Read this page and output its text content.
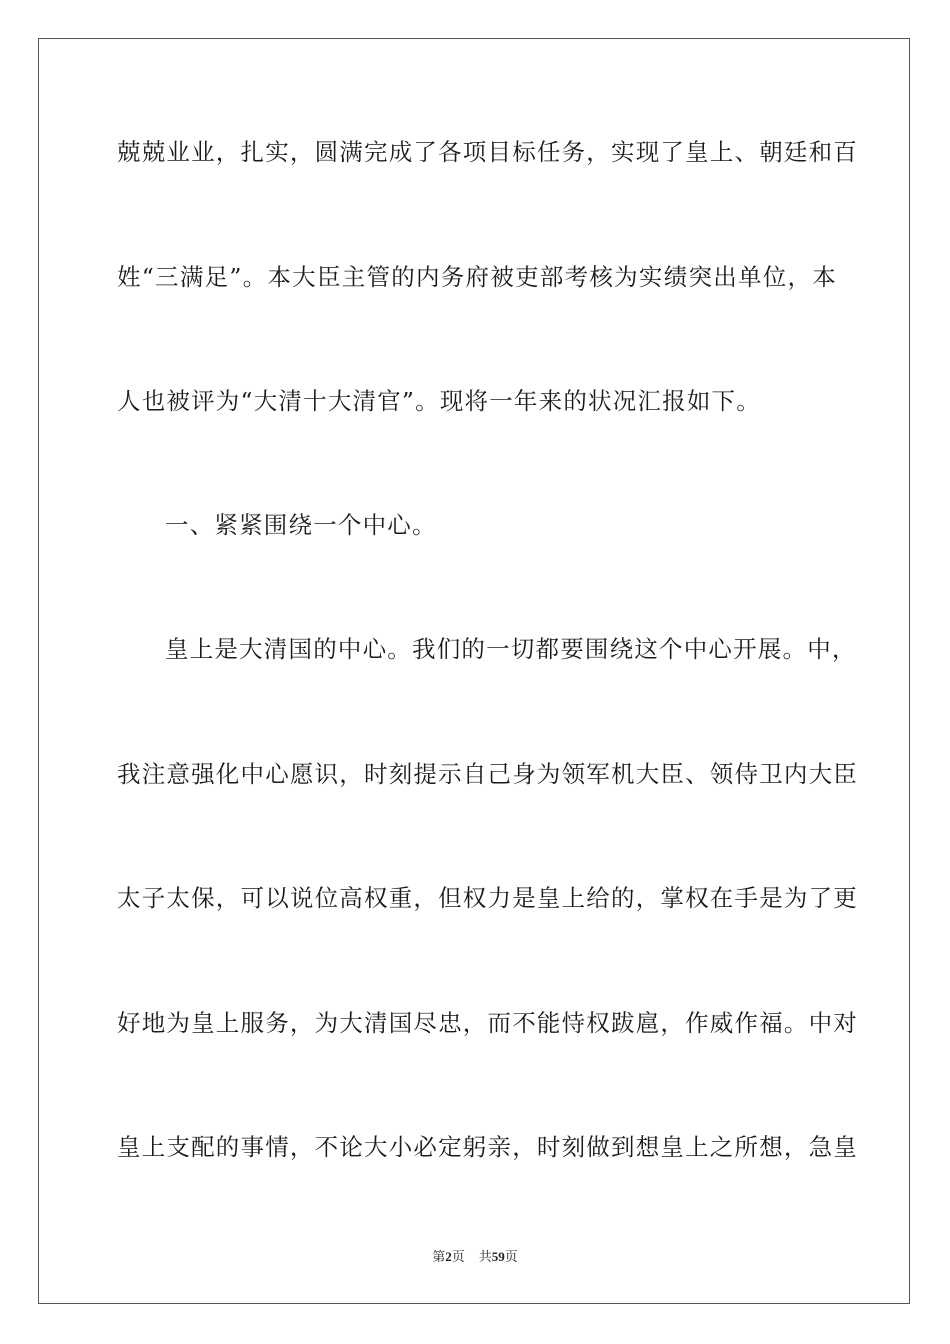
兢兢业业，扎实，圆满完成了各项目标任务，实现了皇上、朝廷和百
姓“三满足”。本大臣主管的内务府被吏部考核为实绩突出单位，本
人也被评为“大清十大清官”。现将一年来的状况汇报如下。
一、紧紧围绕一个中心。
皇上是大清国的中心。我们的一切都要围绕这个中心开展。中，
我注意强化中心愿识，时刻提示自己身为领军机大臣、领侍卫内大臣
太子太保，可以说位高权重，但权力是皇上给的，掌权在手是为了更
好地为皇上服务，为大清国尽忠，而不能恃权跋扈，作威作福。中对
皇上支配的事情，不论大小必定躬亲，时刻做到想皇上之所想，急皇
第2页 共59页
